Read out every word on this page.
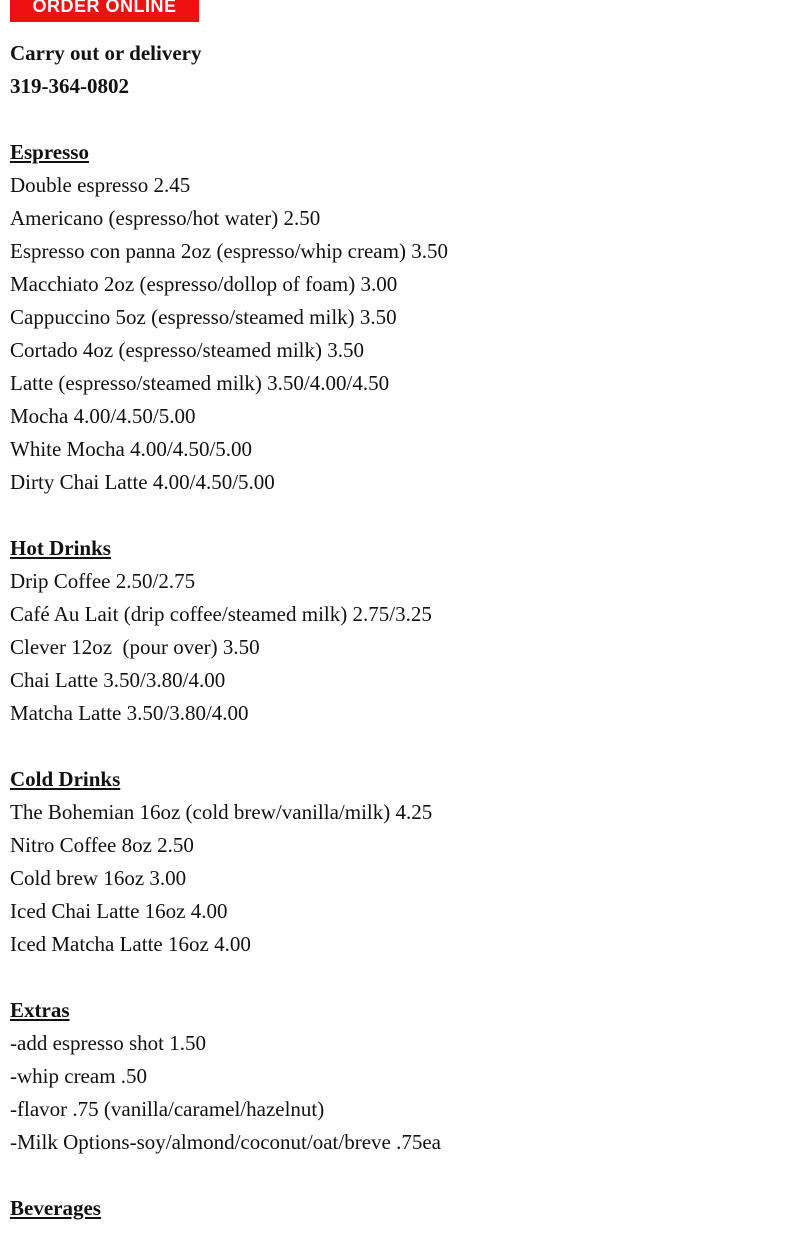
ORDER ONLINE
Carry out or delivery
319-364-0802
Espresso
Double espresso 2.45
Americano (espresso/hot water) 2.50
Espresso con panna 2oz (espresso/whip cream) 3.50
Macchiato 2oz (espresso/dollop of foam) 3.00
Cappuccino 5oz (espresso/steamed milk) 3.50
Cortado 4oz (espresso/steamed milk) 3.50
Latte (espresso/steamed milk) 3.50/4.00/4.50
Mocha 4.00/4.50/5.00
White Mocha 4.00/4.50/5.00
Dirty Chai Latte 4.00/4.50/5.00
Hot Drinks
Drip Coffee 2.50/2.75
Café Au Lait (drip coffee/steamed milk) 2.75/3.25
Clever 12oz  (pour over) 3.50
Chai Latte 3.50/3.80/4.00
Matcha Latte 3.50/3.80/4.00
Cold Drinks
The Bohemian 16oz (cold brew/vanilla/milk) 4.25
Nitro Coffee 8oz 2.50
Cold brew 16oz 3.00
Iced Chai Latte 16oz 4.00
Iced Matcha Latte 16oz 4.00
Extras
-add espresso shot 1.50
-whip cream .50
-flavor .75 (vanilla/caramel/hazelnut)
-Milk Options-soy/almond/coconut/oat/breve .75ea
Beverages
